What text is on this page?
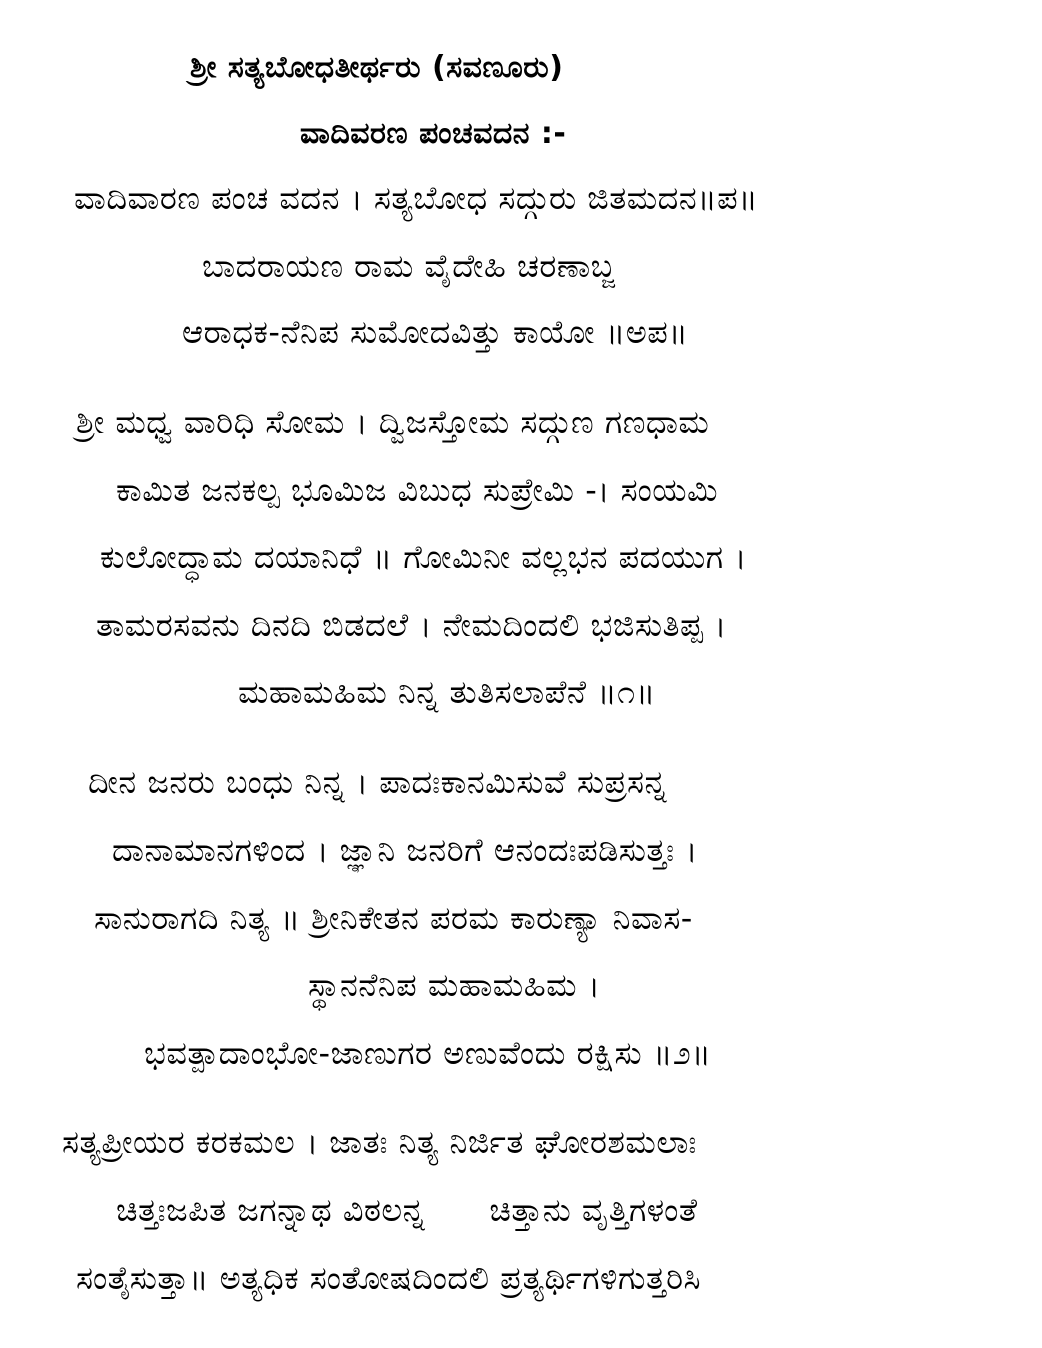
ಶ್ರೀ ಸತ್ಯಬೋಧತೀರ್ಥರು (ಸವಣೂರು)
ವಾದಿವರಣ ಪಂಚವದನ :-
ವಾದಿವಾರಣ ಪಂಚ ವದನ । ಸತ್ಯಬೋಧ ಸದ್ಗುರು ಜಿತಮದನ॥ಪ॥
ಬಾದರಾಯಣ ರಾಮ ವೈದೇಹಿ ಚರಣಾಬ್ಜ
ಆರಾಧಕ-ನೆನಿಪ ಸುಮೋದವಿತ್ತು ಕಾಯೋ ॥ಅಪ॥
ಶ್ರೀ ಮಧ್ವ ವಾರಿಧಿ ಸೋಮ । ದ್ವಿಜಸ್ತೋಮ ಸದ್ಗುಣ ಗಣಧಾಮ
ಕಾಮಿತ ಜನಕಲ್ಪ ಭೂಮಿಜ ವಿಬುಧ ಸುಪ್ರೇಮಿ -। ಸಂಯಮಿ
ಕುಲೋದ್ಧಾಮ ದಯಾನಿಧೆ ॥ ಗೋಮಿನೀ ವಲ್ಲಭನ ಪದಯುಗ ।
ತಾಮರಸವನು ದಿನದಿ ಬಿಡದಲೆ । ನೇಮದಿಂದಲಿ ಭಜಿಸುತಿಪ್ಪ ।
ಮಹಾಮಹಿಮ ನಿನ್ನ ತುತಿಸಲಾಪೆನೆ ॥೧॥
ದೀನ ಜನರು ಬಂಧು ನಿನ್ನ । ಪಾದಃಕಾನಮಿಸುವೆ ಸುಪ್ರಸನ್ನ
ದಾನಾಮಾನಗಳಿಂದ । ಜ್ಞಾನಿ ಜನರಿಗೆ ಆನಂದಃಪಡಿಸುತ್ತಃ ।
ಸಾನುರಾಗದಿ ನಿತ್ಯ ॥ ಶ್ರೀನಿಕೇತನ ಪರಮ ಕಾರುಣ್ಯಾ ನಿವಾಸ-
ಸ್ಥಾನನೆನಿಪ ಮಹಾಮಹಿಮ ।
ಭವತ್ಪಾದಾಂಭೋ-ಜಾಣುಗರ ಅಣುವೆಂದು ರಕ್ಷಿಸು ॥೨॥
ಸತ್ಯಪ್ರೀಯರ ಕರಕಮಲ । ಜಾತಃ ನಿತ್ಯ ನಿರ್ಜಿತ ಘೋರಶಮಲಾಃ
ಚಿತ್ತಃಜಪಿತ ಜಗನ್ನಾಥ ವಿಠಲನ್ನ      ಚಿತ್ತಾನು ವೃತ್ತಿಗಳಂತೆ
ಸಂತೈಸುತ್ತಾ॥ ಅತ್ಯಧಿಕ ಸಂತೋಷದಿಂದಲಿ ಪ್ರತ್ಯರ್ಥಿಗಳಿಗುತ್ತರಿಸಿ
